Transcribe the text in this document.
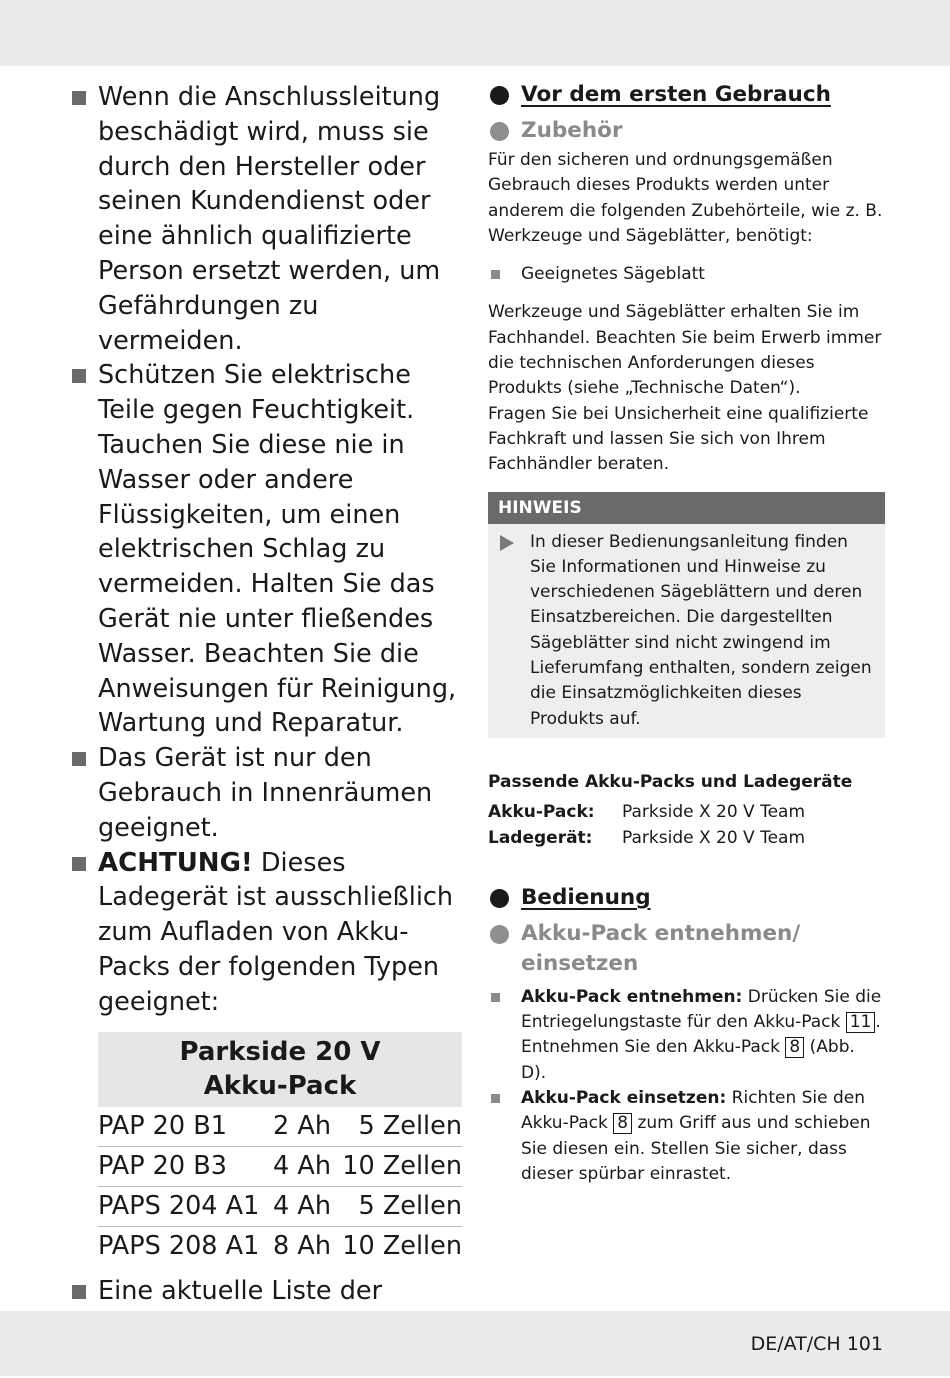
Wenn die Anschlussleitung beschädigt wird, muss sie durch den Hersteller oder seinen Kundendienst oder eine ähnlich qualifizierte Person ersetzt werden, um Gefährdungen zu vermeiden.
Schützen Sie elektrische Teile gegen Feuchtigkeit. Tauchen Sie diese nie in Wasser oder andere Flüssigkeiten, um einen elektrischen Schlag zu vermeiden. Halten Sie das Gerät nie unter fließendes Wasser. Beachten Sie die Anweisungen für Reinigung, Wartung und Reparatur.
Das Gerät ist nur den Gebrauch in Innenräumen geeignet.
ACHTUNG! Dieses Ladegerät ist ausschließlich zum Aufladen von Akku-Packs der folgenden Typen geeignet:
Parkside 20 V
Akku-Pack		

PAP 20 B1	2 Ah	5 Zellen
PAP 20 B3	4 Ah	10 Zellen
PAPS 204 A1	4 Ah	5 Zellen
PAPS 208 A1	8 Ah	10 Zellen
Eine aktuelle Liste der
Vor dem ersten Gebrauch
Zubehör

Für den sicheren und ordnungsgemäßen Gebrauch dieses Produkts werden unter anderem die folgenden Zubehörteile, wie z. B. Werkzeuge und Sägeblätter, benötigt:

Geeignetes Sägeblatt

Werkzeuge und Sägeblätter erhalten Sie im Fachhandel. Beachten Sie beim Erwerb immer die technischen Anforderungen dieses Produkts (siehe „Technische Daten“).

Fragen Sie bei Unsicherheit eine qualifizierte Fachkraft und lassen Sie sich von Ihrem Fachhändler beraten.

HINWEIS
In dieser Bedienungsanleitung finden Sie Informationen und Hinweise zu verschiedenen Sägeblättern und deren Einsatzbereichen. Die dargestellten Sägeblätter sind nicht zwingend im Lieferumfang enthalten, sondern zeigen die Einsatzmöglichkeiten dieses Produkts auf.
Passende Akku-Packs und Ladegeräte
Akku-Pack:	Parkside X 20 V Team
Ladegerät:	Parkside X 20 V Team
Bedienung
Akku-Pack entnehmen/
einsetzen
Akku-Pack entnehmen: Drücken Sie die Entriegelungstaste für den Akku-Pack 11 . Entnehmen Sie den Akku-Pack 8 (Abb. D).
Akku-Pack einsetzen: Richten Sie den Akku-Pack 8 zum Griff aus und schieben Sie diesen ein. Stellen Sie sicher, dass dieser spürbar einrastet.
DE/AT/CH 101
